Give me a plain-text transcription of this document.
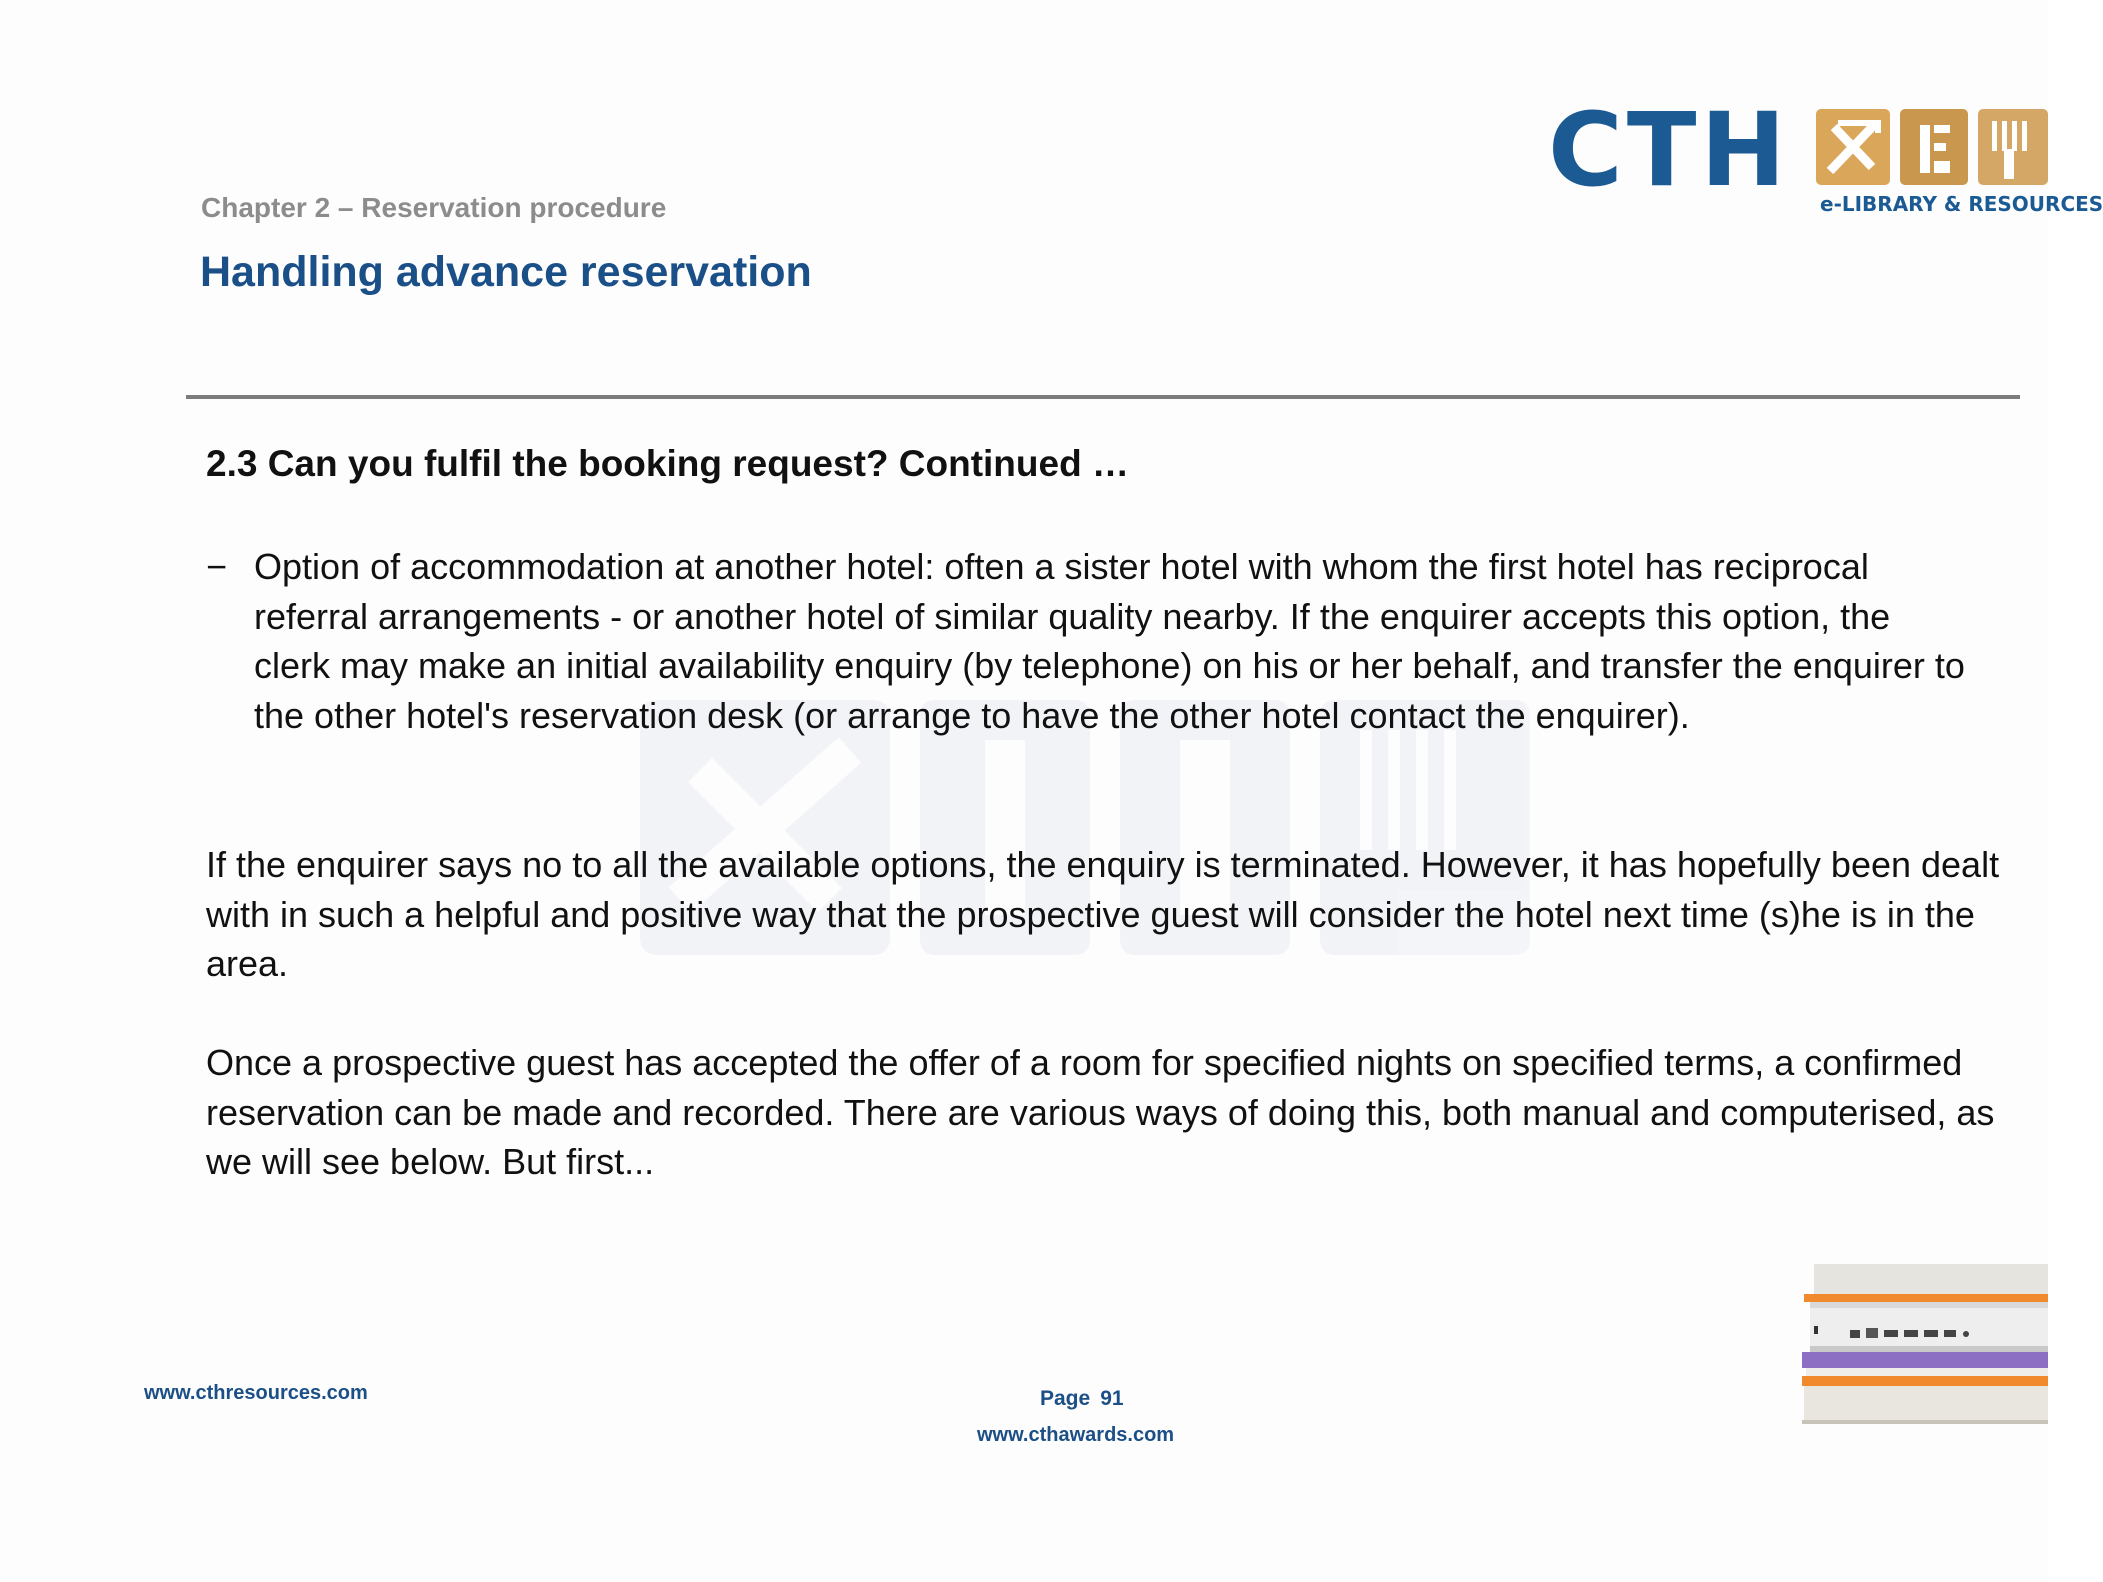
CTH e-LIBRARY & RESOURCES
Chapter 2 – Reservation procedure
Handling advance reservation
2.3 Can you fulfil the booking request? Continued …
− Option of accommodation at another hotel: often a sister hotel with whom the first hotel has reciprocal referral arrangements - or another hotel of similar quality nearby. If the enquirer accepts this option, the clerk may make an initial availability enquiry (by telephone) on his or her behalf, and transfer the enquirer to the other hotel's reservation desk (or arrange to have the other hotel contact the enquirer).
If the enquirer says no to all the available options, the enquiry is terminated. However, it has hopefully been dealt with in such a helpful and positive way that the prospective guest will consider the hotel next time (s)he is in the area.
Once a prospective guest has accepted the offer of a room for specified nights on specified terms, a confirmed reservation can be made and recorded. There are various ways of doing this, both manual and computerised, as we will see below. But first...
www.cthresources.com	Page 91
www.cthawards.com
